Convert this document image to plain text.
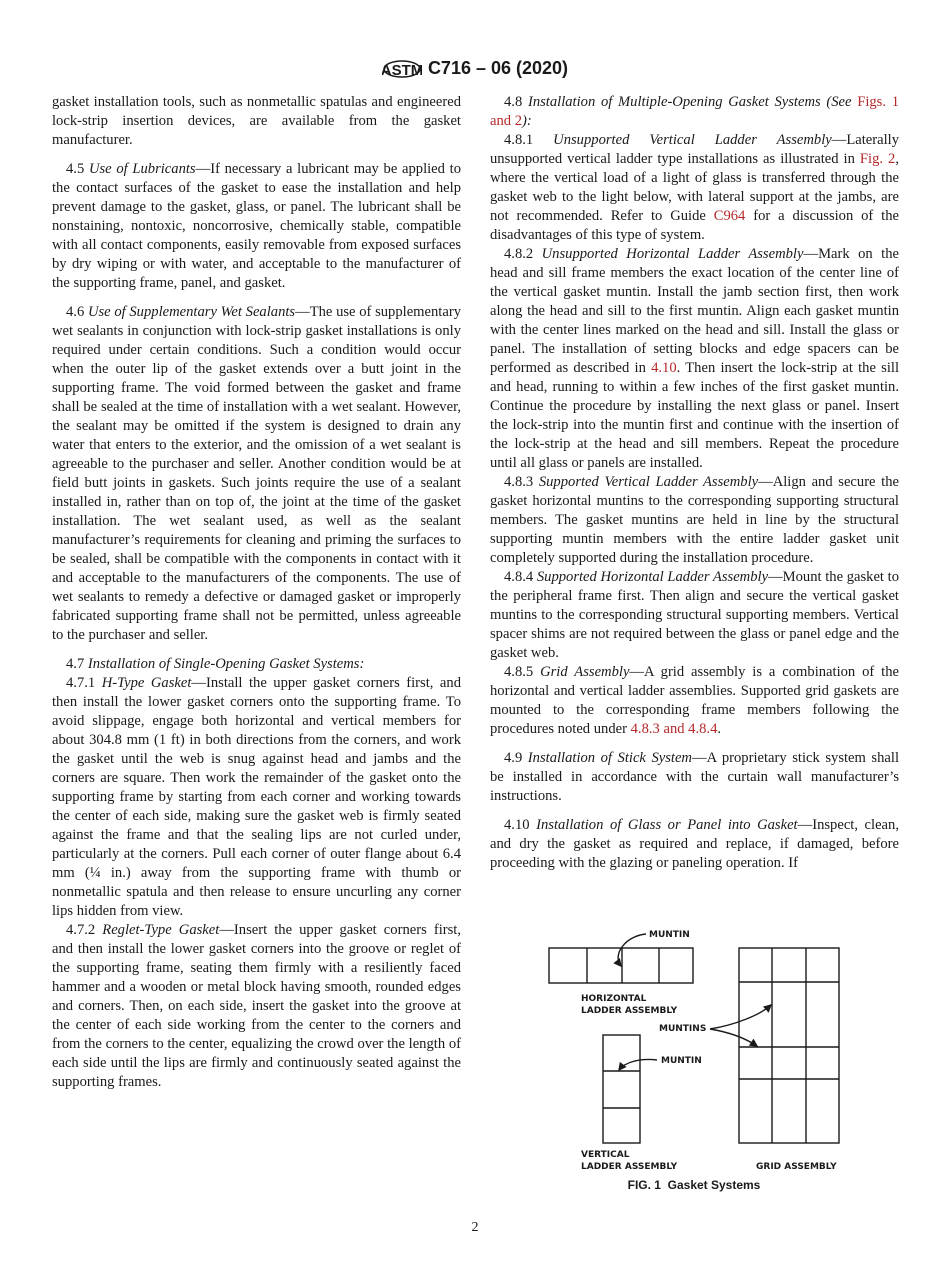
ASTM C716 – 06 (2020)

gasket installation tools, such as nonmetallic spatulas and engineered lock-strip insertion devices, are available from the gasket manufacturer.

4.5 Use of Lubricants—If necessary a lubricant may be applied to the contact surfaces of the gasket to ease the installation and help prevent damage to the gasket, glass, or panel. The lubricant shall be nonstaining, nontoxic, noncorrosive, chemically stable, compatible with all contact components, easily removable from exposed surfaces by dry wiping or with water, and acceptable to the manufacturer of the supporting frame, panel, and gasket.

4.6 Use of Supplementary Wet Sealants—The use of supplementary wet sealants in conjunction with lock-strip gasket installations is only required under certain conditions. Such a condition would occur when the outer lip of the gasket extends over a butt joint in the supporting frame. The void formed between the gasket and frame shall be sealed at the time of installation with a wet sealant. However, the sealant may be omitted if the system is designed to drain any water that enters to the exterior, and the omission of a wet sealant is agreeable to the purchaser and seller. Another condition would be at field butt joints in gaskets. Such joints require the use of a sealant installed in, rather than on top of, the joint at the time of the gasket installation. The wet sealant used, as well as the sealant manufacturer’s requirements for cleaning and priming the surfaces to be sealed, shall be compatible with the components in contact with it and acceptable to the manufacturers of the components. The use of wet sealants to remedy a defective or damaged gasket or improperly fabricated supporting frame shall not be permitted, unless agreeable to the purchaser and seller.

4.7 Installation of Single-Opening Gasket Systems:

4.7.1 H-Type Gasket—Install the upper gasket corners first, and then install the lower gasket corners onto the supporting frame. To avoid slippage, engage both horizontal and vertical members for about 304.8 mm (1 ft) in both directions from the corners, and work the gasket until the web is snug against head and jambs and the corners are square. Then work the remainder of the gasket onto the supporting frame by starting from each corner and working towards the center of each side, making sure the gasket web is firmly seated against the frame and that the sealing lips are not curled under, particularly at the corners. Pull each corner of outer flange about 6.4 mm (¼ in.) away from the supporting frame with thumb or nonmetallic spatula and then release to ensure uncurling any corner lips hidden from view.

4.7.2 Reglet-Type Gasket—Insert the upper gasket corners first, and then install the lower gasket corners into the groove or reglet of the supporting frame, seating them firmly with a resiliently faced hammer and a wooden or metal block having smooth, rounded edges and corners. Then, on each side, insert the gasket into the groove at the center of each side working from the center to the corners and from the corners to the center, equalizing the crowd over the length of each side until the lips are firmly and continuously seated against the supporting frames.

4.8 Installation of Multiple-Opening Gasket Systems (See Figs. 1 and 2):

4.8.1 Unsupported Vertical Ladder Assembly—Laterally unsupported vertical ladder type installations as illustrated in Fig. 2, where the vertical load of a light of glass is transferred through the gasket web to the light below, with lateral support at the jambs, are not recommended. Refer to Guide C964 for a discussion of the disadvantages of this type of system.

4.8.2 Unsupported Horizontal Ladder Assembly—Mark on the head and sill frame members the exact location of the center line of the vertical gasket muntin. Install the jamb section first, then work along the head and sill to the first muntin. Align each gasket muntin with the center lines marked on the head and sill. Install the glass or panel. The installation of setting blocks and edge spacers can be performed as described in 4.10. Then insert the lock-strip at the sill and head, running to within a few inches of the first gasket muntin. Continue the procedure by installing the next glass or panel. Insert the lock-strip into the muntin first and continue with the insertion of the lock-strip at the head and sill members. Repeat the procedure until all glass or panels are installed.

4.8.3 Supported Vertical Ladder Assembly—Align and secure the gasket horizontal muntins to the corresponding supporting structural members. The gasket muntins are held in line by the structural supporting muntin members with the entire ladder gasket unit completely supported during the installation procedure.

4.8.4 Supported Horizontal Ladder Assembly—Mount the gasket to the peripheral frame first. Then align and secure the vertical gasket muntins to the corresponding structural supporting members. Vertical spacer shims are not required between the glass or panel edge and the gasket web.

4.8.5 Grid Assembly—A grid assembly is a combination of the horizontal and vertical ladder assemblies. Supported grid gaskets are mounted to the corresponding frame members following the procedures noted under 4.8.3 and 4.8.4.

4.9 Installation of Stick System—A proprietary stick system shall be installed in accordance with the curtain wall manufacturer’s instructions.

4.10 Installation of Glass or Panel into Gasket—Inspect, clean, and dry the gasket as required and replace, if damaged, before proceeding with the glazing or paneling operation. If

MUNTIN
HORIZONTAL
LADDER ASSEMBLY
MUNTINS
MUNTIN
VERTICAL
LADDER ASSEMBLY	GRID ASSEMBLY
FIG. 1  Gasket Systems
2
